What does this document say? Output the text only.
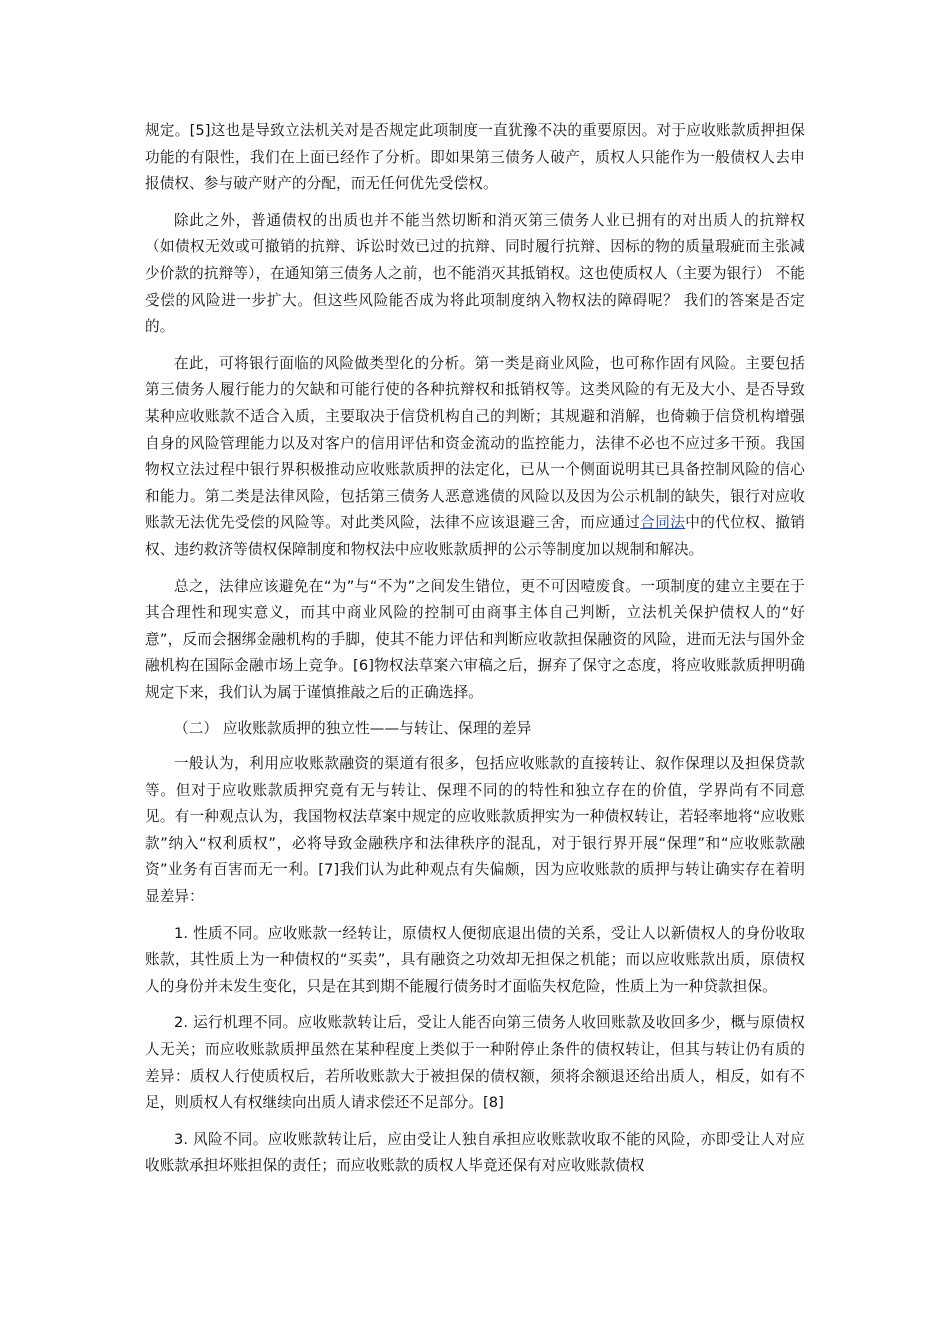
规定。[5]这也是导致立法机关对是否规定此项制度一直犹豫不决的重要原因。对于应收账款质押担保功能的有限性，我们在上面已经作了分析。即如果第三债务人破产，质权人只能作为一般债权人去申报债权、参与破产财产的分配，而无任何优先受偿权。

除此之外，普通债权的出质也并不能当然切断和消灭第三债务人业已拥有的对出质人的抗辩权（如债权无效或可撤销的抗辩、诉讼时效已过的抗辩、同时履行抗辩、因标的物的质量瑕疵而主张减少价款的抗辩等），在通知第三债务人之前，也不能消灭其抵销权。这也使质权人（主要为银行） 不能受偿的风险进一步扩大。但这些风险能否成为将此项制度纳入物权法的障碍呢？ 我们的答案是否定的。

在此，可将银行面临的风险做类型化的分析。第一类是商业风险，也可称作固有风险。主要包括第三债务人履行能力的欠缺和可能行使的各种抗辩权和抵销权等。这类风险的有无及大小、是否导致某种应收账款不适合入质，主要取决于信贷机构自己的判断；其规避和消解，也倚赖于信贷机构增强自身的风险管理能力以及对客户的信用评估和资金流动的监控能力，法律不必也不应过多干预。我国物权立法过程中银行界积极推动应收账款质押的法定化，已从一个侧面说明其已具备控制风险的信心和能力。第二类是法律风险，包括第三债务人恶意逃债的风险以及因为公示机制的缺失，银行对应收账款无法优先受偿的风险等。对此类风险，法律不应该退避三舍，而应通过合同法中的代位权、撤销权、违约救济等债权保障制度和物权法中应收账款质押的公示等制度加以规制和解决。

总之，法律应该避免在“为”与“不为”之间发生错位，更不可因噎废食。一项制度的建立主要在于其合理性和现实意义，而其中商业风险的控制可由商事主体自己判断，立法机关保护债权人的“好意”，反而会捆绑金融机构的手脚，使其不能力评估和判断应收款担保融资的风险，进而无法与国外金融机构在国际金融市场上竞争。[6]物权法草案六审稿之后，摒弃了保守之态度，将应收账款质押明确规定下来，我们认为属于谨慎推敲之后的正确选择。

（二） 应收账款质押的独立性——与转让、保理的差异

一般认为，利用应收账款融资的渠道有很多，包括应收账款的直接转让、叙作保理以及担保贷款等。但对于应收账款质押究竟有无与转让、保理不同的的特性和独立存在的价值，学界尚有不同意见。有一种观点认为，我国物权法草案中规定的应收账款质押实为一种债权转让，若轻率地将“应收账款”纳入“权利质权”，必将导致金融秩序和法律秩序的混乱，对于银行界开展“保理”和“应收账款融资”业务有百害而无一利。[7]我们认为此种观点有失偏颇，因为应收账款的质押与转让确实存在着明显差异：

1. 性质不同。应收账款一经转让，原债权人便彻底退出债的关系，受让人以新债权人的身份收取账款，其性质上为一种债权的“买卖”，具有融资之功效却无担保之机能；而以应收账款出质，原债权人的身份并未发生变化，只是在其到期不能履行债务时才面临失权危险，性质上为一种贷款担保。

2. 运行机理不同。应收账款转让后，受让人能否向第三债务人收回账款及收回多少，概与原债权人无关；而应收账款质押虽然在某种程度上类似于一种附停止条件的债权转让，但其与转让仍有质的差异：质权人行使质权后，若所收账款大于被担保的债权额，须将余额退还给出质人，相反，如有不足，则质权人有权继续向出质人请求偿还不足部分。[8]

3. 风险不同。应收账款转让后，应由受让人独自承担应收账款收取不能的风险，亦即受让人对应收账款承担坏账担保的责任；而应收账款的质权人毕竟还保有对应收账款债权
